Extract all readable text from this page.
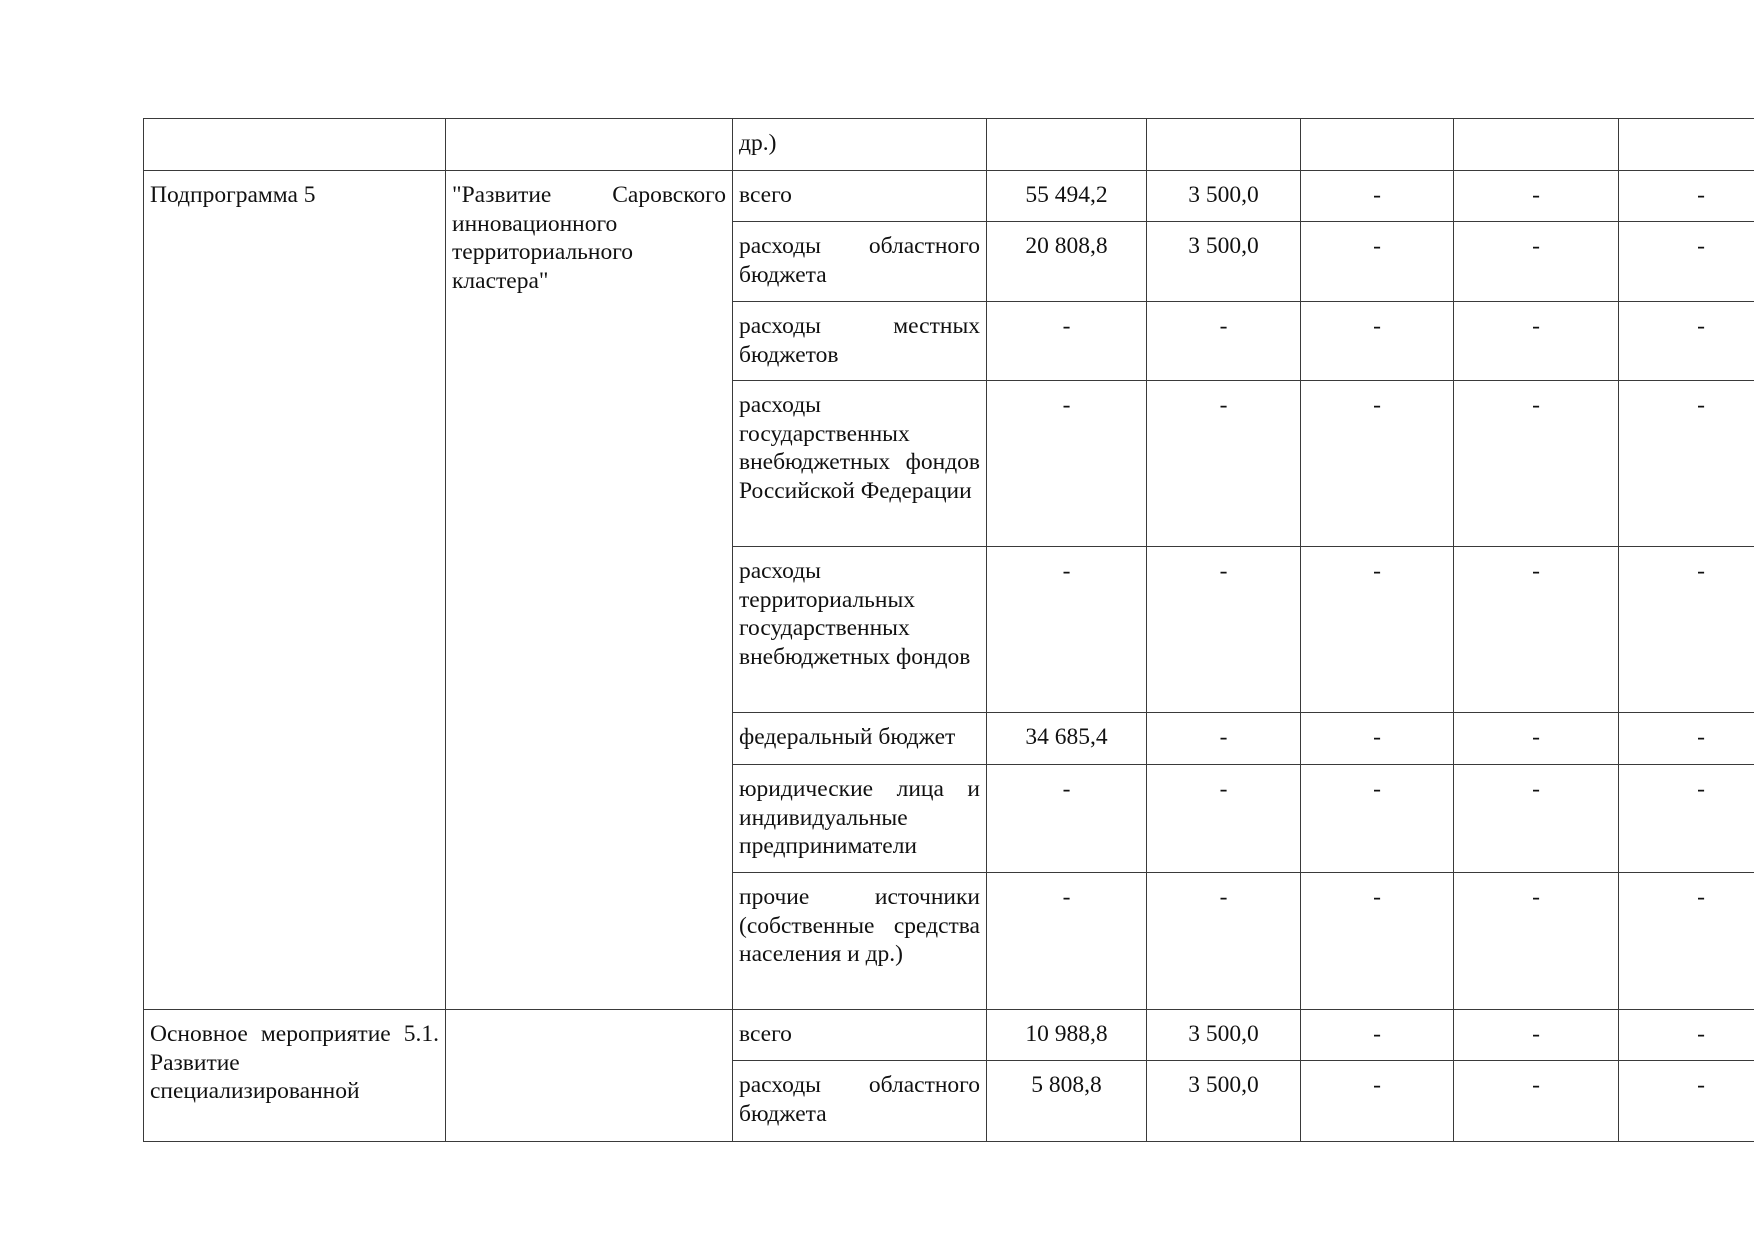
		др.)					
Подпрограмма 5	"Развитие Саровского инновационного территориального кластера"	всего	55 494,2	3 500,0	-	-	-
		расходы областного бюджета	20 808,8	3 500,0	-	-	-
		расходы местных бюджетов	-	-	-	-	-
		расходы государственных внебюджетных фондов Российской Федерации	-	-	-	-	-
		расходы территориальных государственных внебюджетных фондов	-	-	-	-	-
		федеральный бюджет	34 685,4	-	-	-	-
		юридические лица и индивидуальные предприниматели	-	-	-	-	-
		прочие источники (собственные средства населения и др.)	-	-	-	-	-
Основное мероприятие 5.1. Развитие специализированной		всего	10 988,8	3 500,0	-	-	-
		расходы областного бюджета	5 808,8	3 500,0	-	-	-
